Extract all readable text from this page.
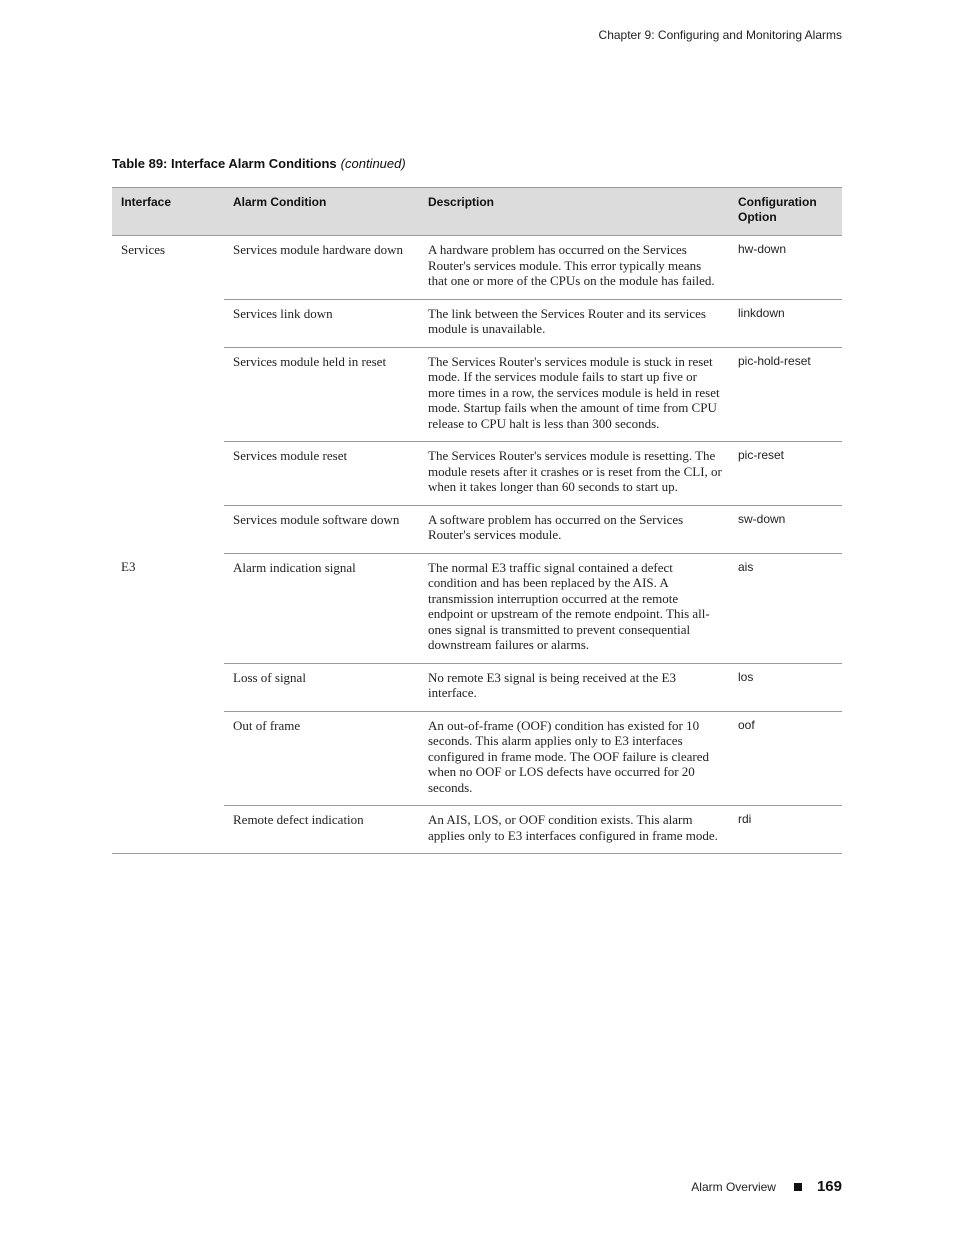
Chapter 9: Configuring and Monitoring Alarms
Table 89: Interface Alarm Conditions (continued)
Interface	Alarm Condition	Description	Configuration Option
Services	Services module hardware down	A hardware problem has occurred on the Services Router's services module. This error typically means that one or more of the CPUs on the module has failed.	hw-down
	Services link down	The link between the Services Router and its services module is unavailable.	linkdown
	Services module held in reset	The Services Router's services module is stuck in reset mode. If the services module fails to start up five or more times in a row, the services module is held in reset mode. Startup fails when the amount of time from CPU release to CPU halt is less than 300 seconds.	pic-hold-reset
	Services module reset	The Services Router's services module is resetting. The module resets after it crashes or is reset from the CLI, or when it takes longer than 60 seconds to start up.	pic-reset
	Services module software down	A software problem has occurred on the Services Router's services module.	sw-down
E3	Alarm indication signal	The normal E3 traffic signal contained a defect condition and has been replaced by the AIS. A transmission interruption occurred at the remote endpoint or upstream of the remote endpoint. This all-ones signal is transmitted to prevent consequential downstream failures or alarms.	ais
	Loss of signal	No remote E3 signal is being received at the E3 interface.	los
	Out of frame	An out-of-frame (OOF) condition has existed for 10 seconds. This alarm applies only to E3 interfaces configured in frame mode. The OOF failure is cleared when no OOF or LOS defects have occurred for 20 seconds.	oof
	Remote defect indication	An AIS, LOS, or OOF condition exists. This alarm applies only to E3 interfaces configured in frame mode.	rdi
Alarm Overview	169
